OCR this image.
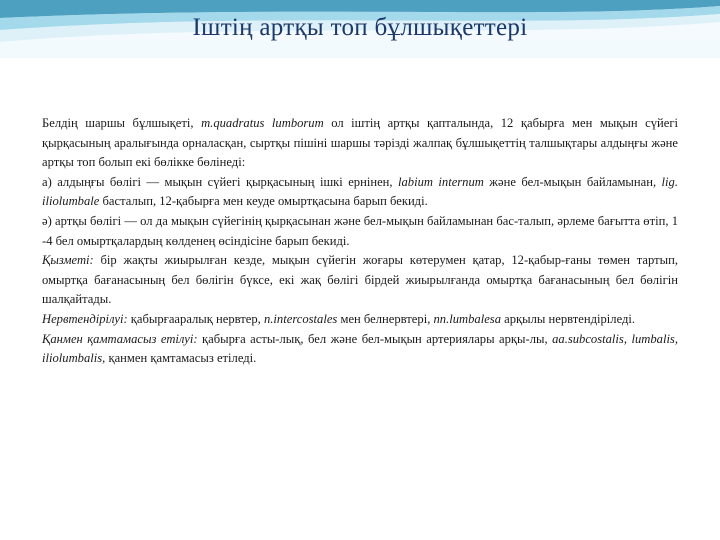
Іштің артқы топ бұлшықеттері

Белдің шаршы бұлшықеті, m.quadratus lumborum ол іштің артқы қапталында, 12 қабырға мен мықын сүйегі қырқасының аралығында орналасқан, сыртқы пішіні шаршы тәрізді жалпақ бұлшықеттің талшықтары алдыңғы және артқы топ болып екі бөлікке бөлінеді:

а) алдыңғы бөлігі — мықын сүйегі қырқасының ішкі ернінен, labium internum және бел-мықын байламынан, lig. iliolumbale басталып, 12-қабырға мен кеуде омыртқасына барып бекиді.

ә) артқы бөлігі — ол да мықын сүйегінің қырқасынан және бел-мықын байламынан бас-талып, әрлеме бағытта өтіп, 1 -4 бел омыртқалардың көлденең өсіндісіне барып бекиді.

Қызметі: бір жақты жиырылған кезде, мықын сүйегін жоғары көтерумен қатар, 12-қабыр-ғаны төмен тартып, омыртқа бағанасының бел бөлігін бүксе, екі жақ бөлігі бірдей жиырылғанда омыртқа бағанасының бел бөлігін шалқайтады.

Нервтендірілуі: қабырғааралық нервтер, n.intercostales мен белнервтері, nn.lumbalesa арқылы нервтендіріледі.

Қанмен қамтамасыз етілуі: қабырға асты-лық, бел және бел-мықын артериялары арқы-лы, aa.subcostalis, lumbalis, iliolumbalis, қанмен қамтамасыз етіледі.
